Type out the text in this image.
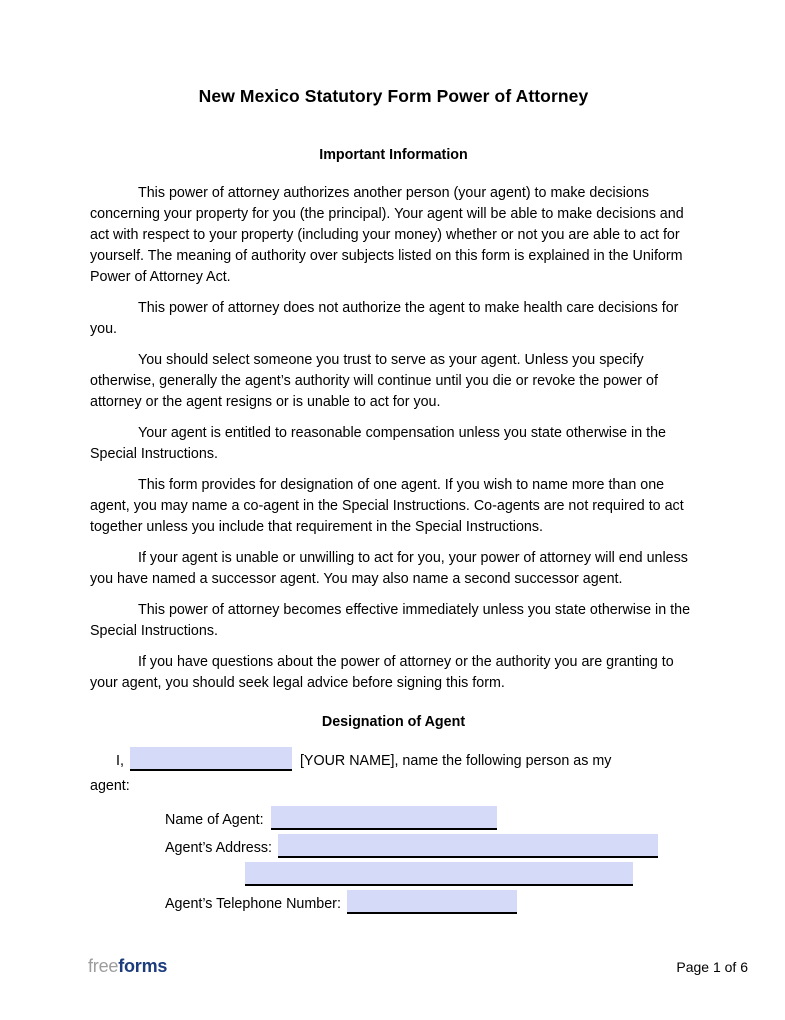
New Mexico Statutory Form Power of Attorney
Important Information

This power of attorney authorizes another person (your agent) to make decisions concerning your property for you (the principal). Your agent will be able to make decisions and act with respect to your property (including your money) whether or not you are able to act for yourself. The meaning of authority over subjects listed on this form is explained in the Uniform Power of Attorney Act.

This power of attorney does not authorize the agent to make health care decisions for you.

You should select someone you trust to serve as your agent. Unless you specify otherwise, generally the agent’s authority will continue until you die or revoke the power of attorney or the agent resigns or is unable to act for you.

Your agent is entitled to reasonable compensation unless you state otherwise in the Special Instructions.

This form provides for designation of one agent. If you wish to name more than one agent, you may name a co-agent in the Special Instructions. Co-agents are not required to act together unless you include that requirement in the Special Instructions.

If your agent is unable or unwilling to act for you, your power of attorney will end unless you have named a successor agent. You may also name a second successor agent.

This power of attorney becomes effective immediately unless you state otherwise in the Special Instructions.

If you have questions about the power of attorney or the authority you are granting to your agent, you should seek legal advice before signing this form.

Designation of Agent
I,	[YOUR NAME], name the following person as my
agent:
Name of Agent:
Agent’s Address:
Agent’s Telephone Number:
freeforms	Page 1 of 6
